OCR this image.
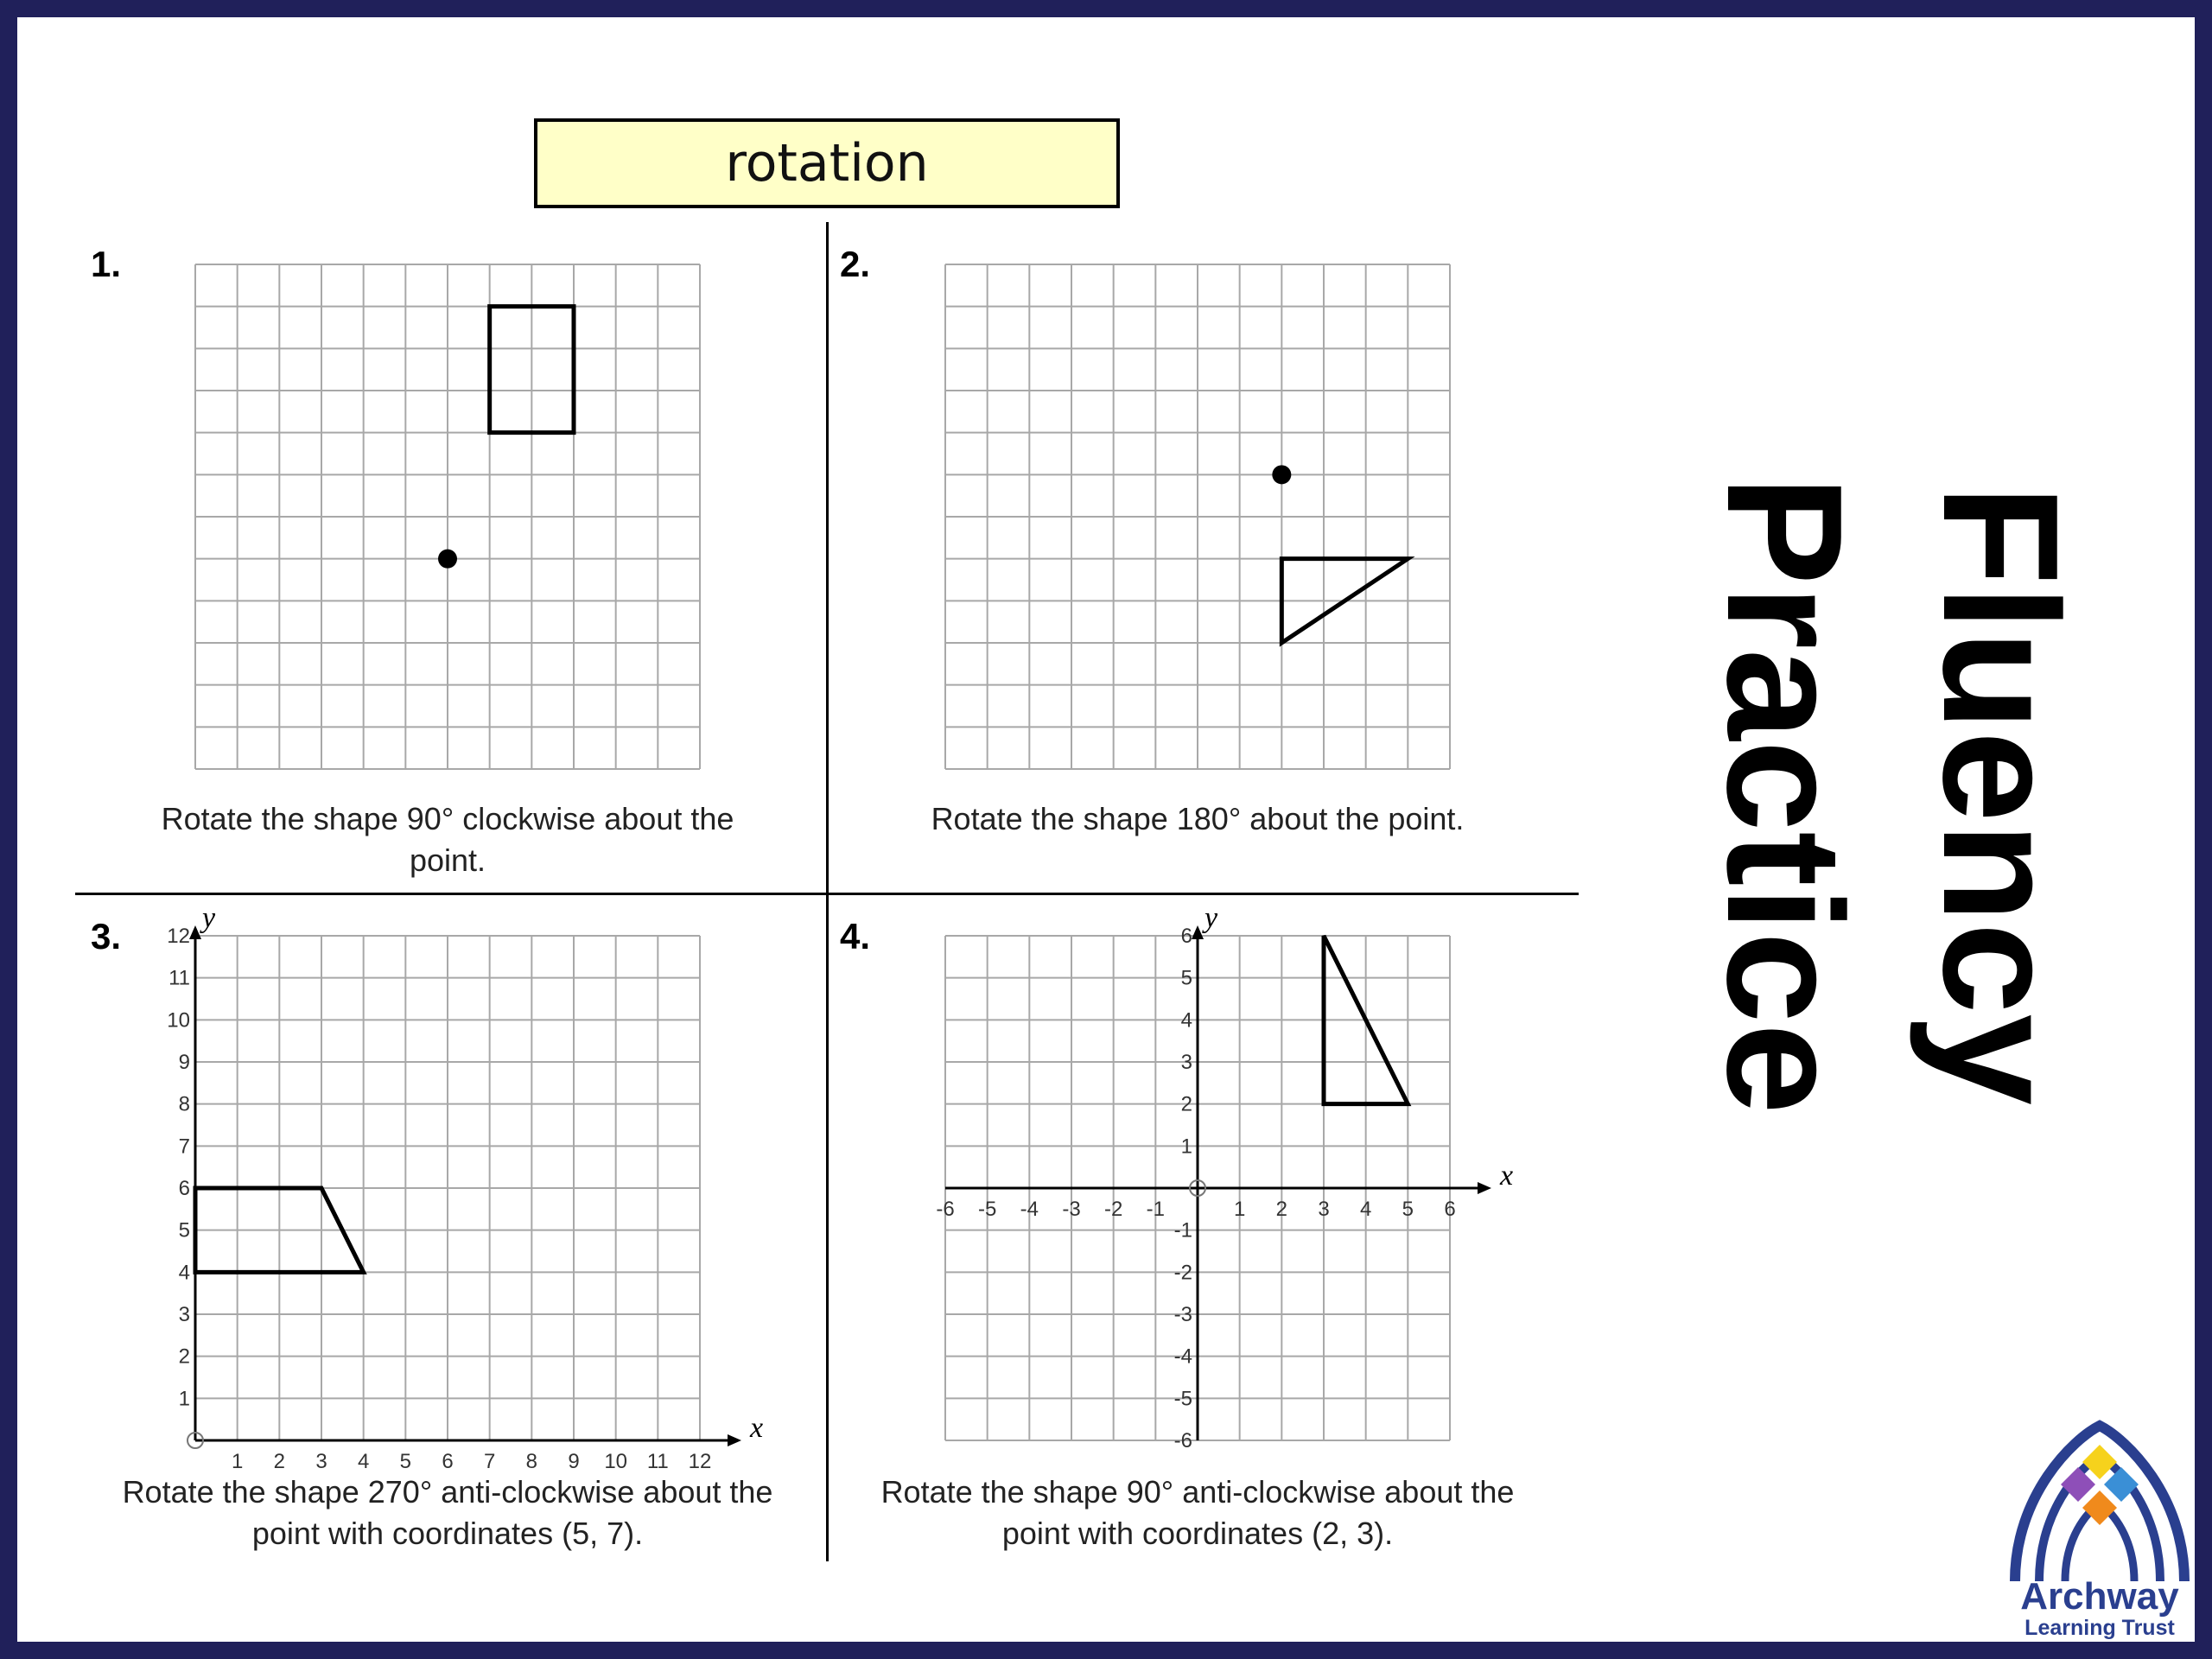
rotation
1.
Rotate the shape 90° clockwise about the point.
2.
Rotate the shape 180° about the point.
3.
x
y
1 2 3 4 5 6 7 8 9 10 11 12
1
2
3
4
5
6
7
8
9
10
11
12
Rotate the shape 270° anti-clockwise about the point with coordinates (5, 7).
4.
x
y
-6 -5 -4 -3 -2 -1	1 2 3 4 5 6
-6
-5
-4
-3
-2
-1
1
2
3
4
5
6
Rotate the shape 90° anti-clockwise about the point with coordinates (2, 3).
Fluency
Practice
Archway
Learning Trust
